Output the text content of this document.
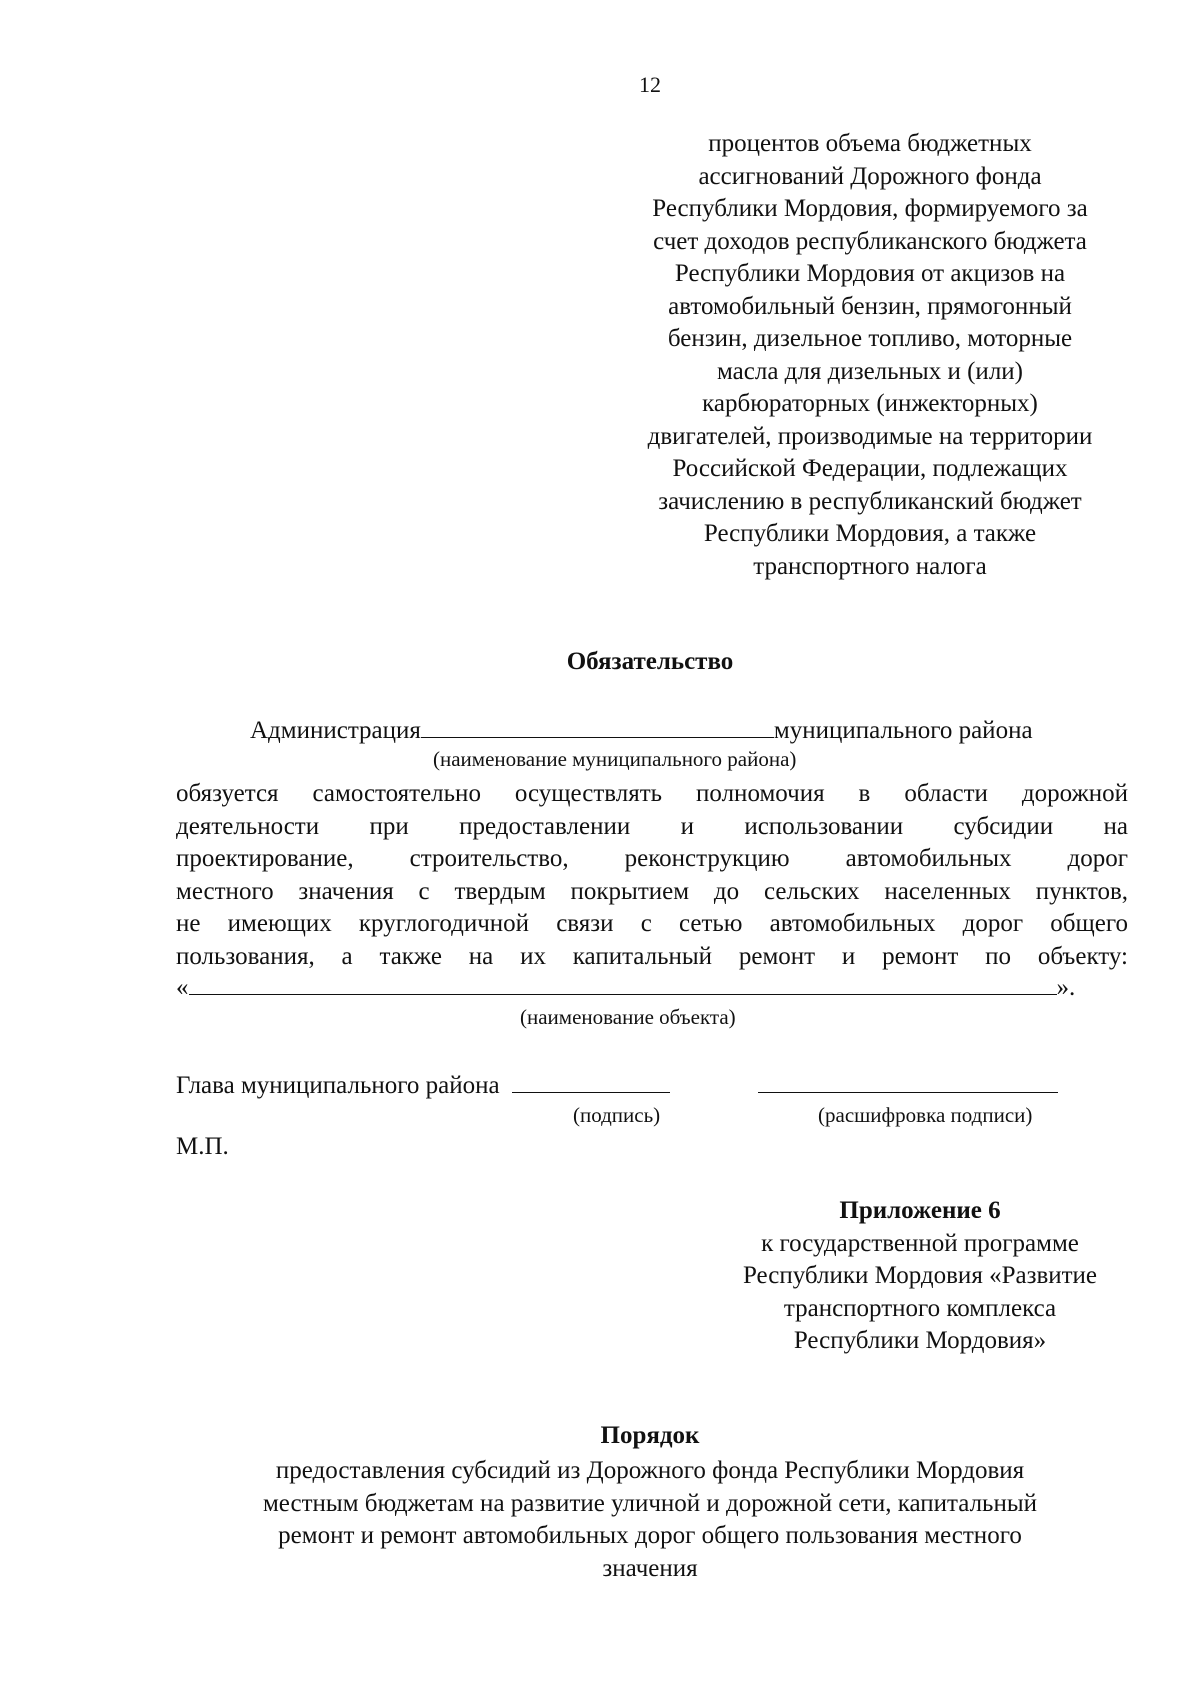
12
процентов объема бюджетных
ассигнований Дорожного фонда
Республики Мордовия, формируемого за
счет доходов республиканского бюджета
Республики Мордовия от акцизов на
автомобильный бензин, прямогонный
бензин, дизельное топливо, моторные
масла для дизельных и (или)
карбюраторных (инжекторных)
двигателей, производимые на территории
Российской Федерации, подлежащих
зачислению в республиканский бюджет
Республики Мордовия, а также
транспортного налога
Обязательство
Администрация	муниципального района
(наименование муниципального района)
обязуется самостоятельно осуществлять полномочия в области дорожной
деятельности при предоставлении и использовании субсидии на
проектирование, строительство, реконструкцию автомобильных дорог
местного значения с твердым покрытием до сельских населенных пунктов,
не имеющих круглогодичной связи с сетью автомобильных дорог общего
пользования, а также на их капитальный ремонт и ремонт по объекту:
«	».
(наименование объекта)
Глава муниципального района
(подпись)	(расшифровка подписи)
М.П.
Приложение 6
к государственной программе
Республики Мордовия «Развитие
транспортного комплекса
Республики Мордовия»
Порядок
предоставления субсидий из Дорожного фонда Республики Мордовия
местным бюджетам на развитие уличной и дорожной сети, капитальный
ремонт и ремонт автомобильных дорог общего пользования местного
значения
